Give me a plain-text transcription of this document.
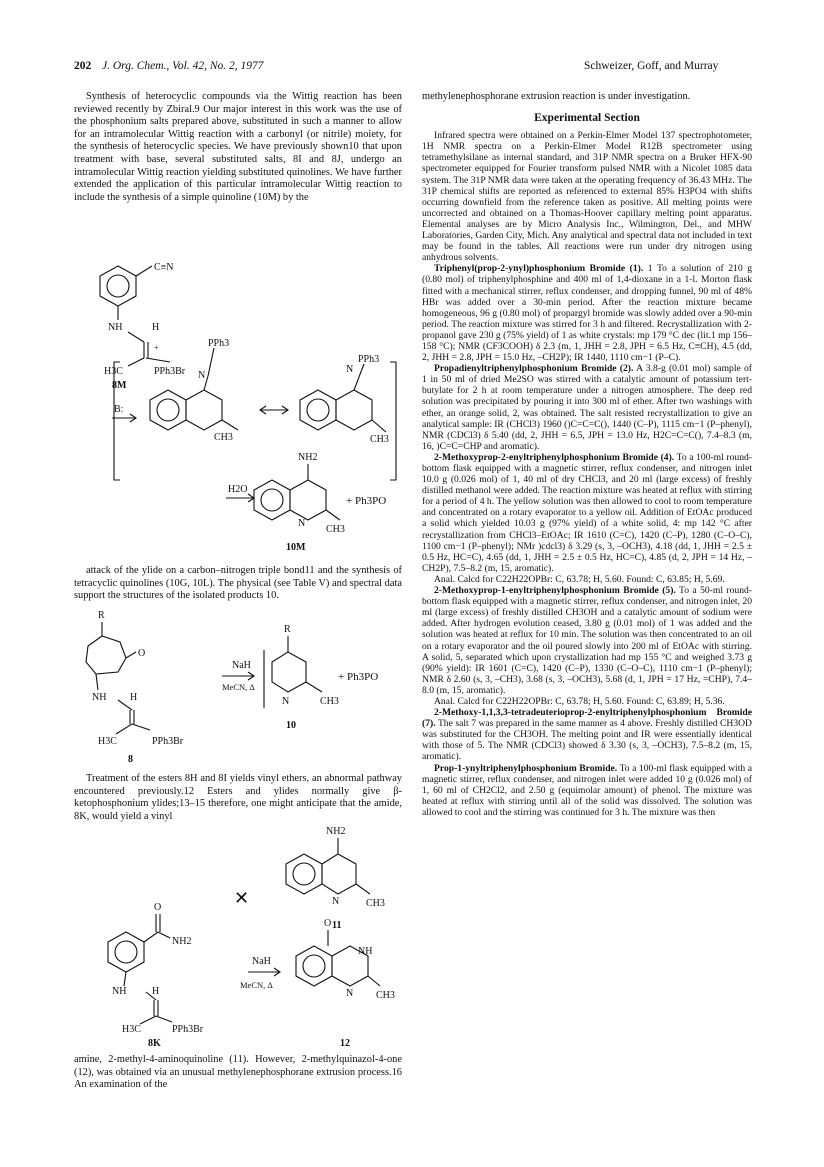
202 J. Org. Chem., Vol. 42, No. 2, 1977	Schweizer, Goff, and Murray

Synthesis of heterocyclic compounds via the Wittig reaction has been reviewed recently by Zbiral.9 Our major interest in this work was the use of the phosphonium salts prepared above, substituted in such a manner to allow for an intramolecular Wittig reaction with a carbonyl (or nitrile) moiety, for the synthesis of heterocyclic species. We have previously shown10 that upon treatment with base, several substituted salts, 8I and 8J, undergo an intramolecular Wittig reaction yielding substituted quinolines. We have further extended the application of this particular intramolecular Wittig reaction to include the synthesis of a simple quinoline (10M) by the

C≡N
NH	H
+
H3C	PPh3Br
8M
B:
PPh3
N
CH3
N
PPh3
CH3
NH2
H2O
N
CH3
+ Ph3PO
10M

attack of the ylide on a carbon–nitrogen triple bond11 and the synthesis of tetracyclic quinolines (10G, 10L). The physical (see Table V) and spectral data support the structures of the isolated products 10.

R
O
NH H
H3C	PPh3Br
8
NaH
MeCN, Δ
R
N	CH3
+ Ph3PO
10

Treatment of the esters 8H and 8I yields vinyl ethers, an abnormal pathway encountered previously.12 Esters and ylides normally give β-ketophosphonium ylides;13–15 therefore, one might anticipate that the amide, 8K, would yield a vinyl

NH2
N	CH3
11
✕
O
NH2
NH	H
H3C	PPh3Br
8K
NaH
MeCN, Δ
O
NH
N CH3
12

amine, 2-methyl-4-aminoquinoline (11). However, 2-methylquinazol-4-one (12), was obtained via an unusual methylenephosphorane extrusion process.16 An examination of the

methylenephosphorane extrusion reaction is under investigation.

Experimental Section

Infrared spectra were obtained on a Perkin-Elmer Model 137 spectrophotometer, 1H NMR spectra on a Perkin-Elmer Model R12B spectrometer using tetramethylsilane as internal standard, and 31P NMR spectra on a Bruker HFX-90 spectrometer equipped for Fourier transform pulsed NMR with a Nicolet 1085 data system. The 31P NMR data were taken at the operating frequency of 36.43 MHz. The 31P chemical shifts are reported as referenced to external 85% H3PO4 with shifts occurring downfield from the reference taken as positive. All melting points were uncorrected and obtained on a Thomas-Hoover capillary melting point apparatus. Elemental analyses are by Micro Analysis Inc., Wilmington, Del., and MHW Laboratories, Garden City, Mich. Any analytical and spectral data not included in text may be found in the tables. All reactions were run under dry nitrogen using anhydrous solvents.

Triphenyl(prop-2-ynyl)phosphonium Bromide (1). 1 To a solution of 210 g (0.80 mol) of triphenylphosphine and 400 ml of 1,4-dioxane in a 1-l. Morton flask fitted with a mechanical stirrer, reflux condenser, and dropping funnel, 90 ml of 48% HBr was added over a 30-min period. After the reaction mixture became homogeneous, 96 g (0.80 mol) of propargyl bromide was slowly added over a 90-min period. The reaction mixture was stirred for 3 h and filtered. Recrystallization with 2-propanol gave 230 g (75% yield) of 1 as white crystals: mp 179 °C dec (lit.1 mp 156–158 °C); NMR (CF3COOH) δ 2.3 (m, 1, JHH = 2.8, JPH = 6.5 Hz, C≡CH), 4.5 (dd, 2, JHH = 2.8, JPH = 15.0 Hz, –CH2P); IR 1440, 1110 cm−1 (P–C).

Propadienyltriphenylphosphonium Bromide (2). A 3.8-g (0.01 mol) sample of 1 in 50 ml of dried Me2SO was stirred with a catalytic amount of potassium tert-butylate for 2 h at room temperature under a nitrogen atmosphere. The deep red solution was precipitated by pouring it into 300 ml of ether. After two washings with ether, an orange solid, 2, was obtained. The salt resisted recrystallization to give an analytical sample: IR (CHCl3) 1960 ()C=C=C(), 1440 (C–P), 1115 cm−1 (P–phenyl), NMR (CDCl3) δ 5.40 (dd, 2, JHH = 6.5, JPH = 13.0 Hz, H2C=C=C(), 7.4–8.3 (m, 16, )C=C=CHP and aromatic).

2-Methoxyprop-2-enyltriphenylphosphonium Bromide (4). To a 100-ml round-bottom flask equipped with a magnetic stirrer, reflux condenser, and nitrogen inlet 10.0 g (0.026 mol) of 1, 40 ml of dry CHCl3, and 20 ml (large excess) of freshly distilled methanol were added. The reaction mixture was heated at reflux with stirring for a period of 4 h. The yellow solution was then allowed to cool to room temperature and concentrated on a rotary evaporator to a yellow oil. Addition of EtOAc produced a solid which yielded 10.03 g (97% yield) of a white solid, 4: mp 142 °C after recrystallization from CHCl3–EtOAc; IR 1610 (C=C), 1420 (C–P), 1280 (C–O–C), 1100 cm−1 (P–phenyl); NMr )cdcl3) δ 3.29 (s, 3, –OCH3), 4.18 (dd, 1, JHH = 2.5 ± 0.5 Hz, HC=C), 4.65 (dd, 1, JHH = 2.5 ± 0.5 Hz, HC=C), 4.85 (d, 2, JPH = 14 Hz, –CH2P), 7.5–8.2 (m, 15, aromatic).

Anal. Calcd for C22H22OPBr: C, 63.78; H, 5.60. Found: C, 63.85; H, 5.69.

2-Methoxyprop-1-enyltriphenylphosphonium Bromide (5). To a 50-ml round-bottom flask equipped with a magnetic stirrer, reflux condenser, and nitrogen inlet, 20 ml (large excess) of freshly distilled CH3OH and a catalytic amount of sodium were added. After hydrogen evolution ceased, 3.80 g (0.01 mol) of 1 was added and the solution was heated at reflux for 10 min. The solution was then concentrated to an oil on a rotary evaporator and the oil poured slowly into 200 ml of EtOAc with stirring. A solid, 5, separated which upon crystallization had mp 155 °C and weighed 3.73 g (90% yield): IR 1601 (C=C), 1420 (C–P), 1330 (C–O–C), 1110 cm−1 (P–phenyl); NMR δ 2.60 (s, 3, –CH3), 3.68 (s, 3, –OCH3), 5.68 (d, 1, JPH = 17 Hz, =CHP), 7.4–8.0 (m, 15, aromatic).

Anal. Calcd for C22H22OPBr: C, 63.78; H, 5.60. Found: C, 63.89; H, 5.36.

2-Methoxy-1,1,3,3-tetradeuterioprop-2-enyltriphenylphosphonium Bromide (7). The salt 7 was prepared in the same manner as 4 above. Freshly distilled CH3OD was substituted for the CH3OH. The melting point and IR were essentially identical with those of 5. The NMR (CDCl3) showed δ 3.30 (s, 3, –OCH3), 7.5–8.2 (m, 15, aromatic).

Prop-1-ynyltriphenylphosphonium Bromide. To a 100-ml flask equipped with a magnetic stirrer, reflux condenser, and nitrogen inlet were added 10 g (0.026 mol) of 1, 60 ml of CH2Cl2, and 2.50 g (equimolar amount) of phenol. The mixture was heated at reflux with stirring until all of the solid was dissolved. The solution was allowed to cool and the stirring was continued for 3 h. The mixture was then
